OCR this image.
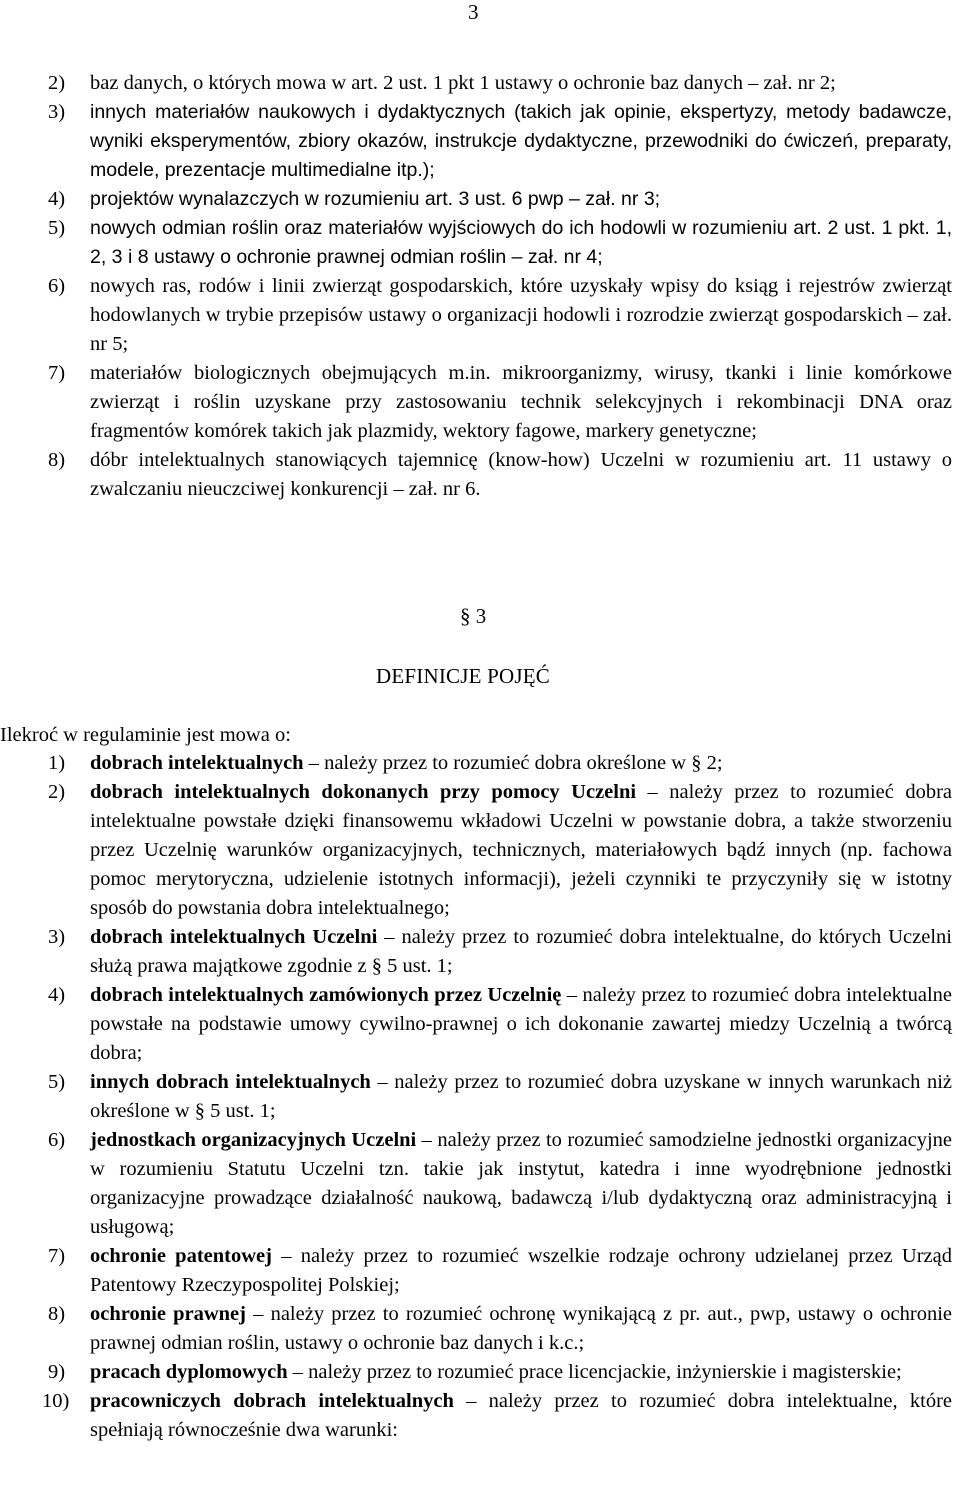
3
2)	baz danych, o których mowa w art. 2 ust. 1 pkt 1 ustawy o ochronie baz danych – zał. nr 2;
3)	innych materiałów naukowych i dydaktycznych (takich jak opinie, ekspertyzy, metody badawcze, wyniki eksperymentów, zbiory okazów, instrukcje dydaktyczne, przewodniki do ćwiczeń, preparaty, modele, prezentacje multimedialne itp.);
4)	projektów wynalazczych w rozumieniu art. 3 ust. 6 pwp – zał. nr 3;
5)	nowych odmian roślin oraz materiałów wyjściowych do ich hodowli w rozumieniu art. 2 ust. 1 pkt. 1, 2, 3 i 8 ustawy o ochronie prawnej odmian roślin – zał. nr 4;
6)	nowych ras, rodów i linii zwierząt gospodarskich, które uzyskały wpisy do ksiąg i rejestrów zwierząt hodowlanych w trybie przepisów ustawy o organizacji hodowli i rozrodzie zwierząt gospodarskich – zał. nr 5;
7)	materiałów biologicznych obejmujących m.in. mikroorganizmy, wirusy, tkanki i linie komórkowe zwierząt i roślin uzyskane przy zastosowaniu technik selekcyjnych i rekombinacji DNA oraz fragmentów komórek takich jak plazmidy, wektory fagowe, markery genetyczne;
8)	dóbr intelektualnych stanowiących tajemnicę (know-how) Uczelni w rozumieniu art. 11 ustawy o zwalczaniu nieuczciwej konkurencji – zał. nr 6.
§ 3
DEFINICJE POJĘĆ
Ilekroć w regulaminie jest mowa o:
1)	dobrach intelektualnych – należy przez to rozumieć dobra określone w § 2;
2)	dobrach intelektualnych dokonanych przy pomocy Uczelni – należy przez to rozumieć dobra intelektualne powstałe dzięki finansowemu wkładowi Uczelni w powstanie dobra, a także stworzeniu przez Uczelnię warunków organizacyjnych, technicznych, materiałowych bądź innych (np. fachowa pomoc merytoryczna, udzielenie istotnych informacji), jeżeli czynniki te przyczyniły się w istotny sposób do powstania dobra intelektualnego;
3)	dobrach intelektualnych Uczelni – należy przez to rozumieć dobra intelektualne, do których Uczelni służą prawa majątkowe zgodnie z § 5 ust. 1;
4)	dobrach intelektualnych zamówionych przez Uczelnię – należy przez to rozumieć dobra intelektualne powstałe na podstawie umowy cywilno-prawnej o ich dokonanie zawartej miedzy Uczelnią a twórcą dobra;
5)	innych dobrach intelektualnych – należy przez to rozumieć dobra uzyskane w innych warunkach niż określone w § 5 ust. 1;
6)	jednostkach organizacyjnych Uczelni – należy przez to rozumieć samodzielne jednostki organizacyjne w rozumieniu Statutu Uczelni tzn. takie jak instytut, katedra i inne wyodrębnione jednostki organizacyjne prowadzące działalność naukową, badawczą i/lub dydaktyczną oraz administracyjną i usługową;
7)	ochronie patentowej – należy przez to rozumieć wszelkie rodzaje ochrony udzielanej przez Urząd Patentowy Rzeczypospolitej Polskiej;
8)	ochronie prawnej – należy przez to rozumieć ochronę wynikającą z pr. aut., pwp, ustawy o ochronie prawnej odmian roślin, ustawy o ochronie baz danych i k.c.;
9)	pracach dyplomowych – należy przez to rozumieć prace licencjackie, inżynierskie i magisterskie;
10)	pracowniczych dobrach intelektualnych – należy przez to rozumieć dobra intelektualne, które spełniają równocześnie dwa warunki:
